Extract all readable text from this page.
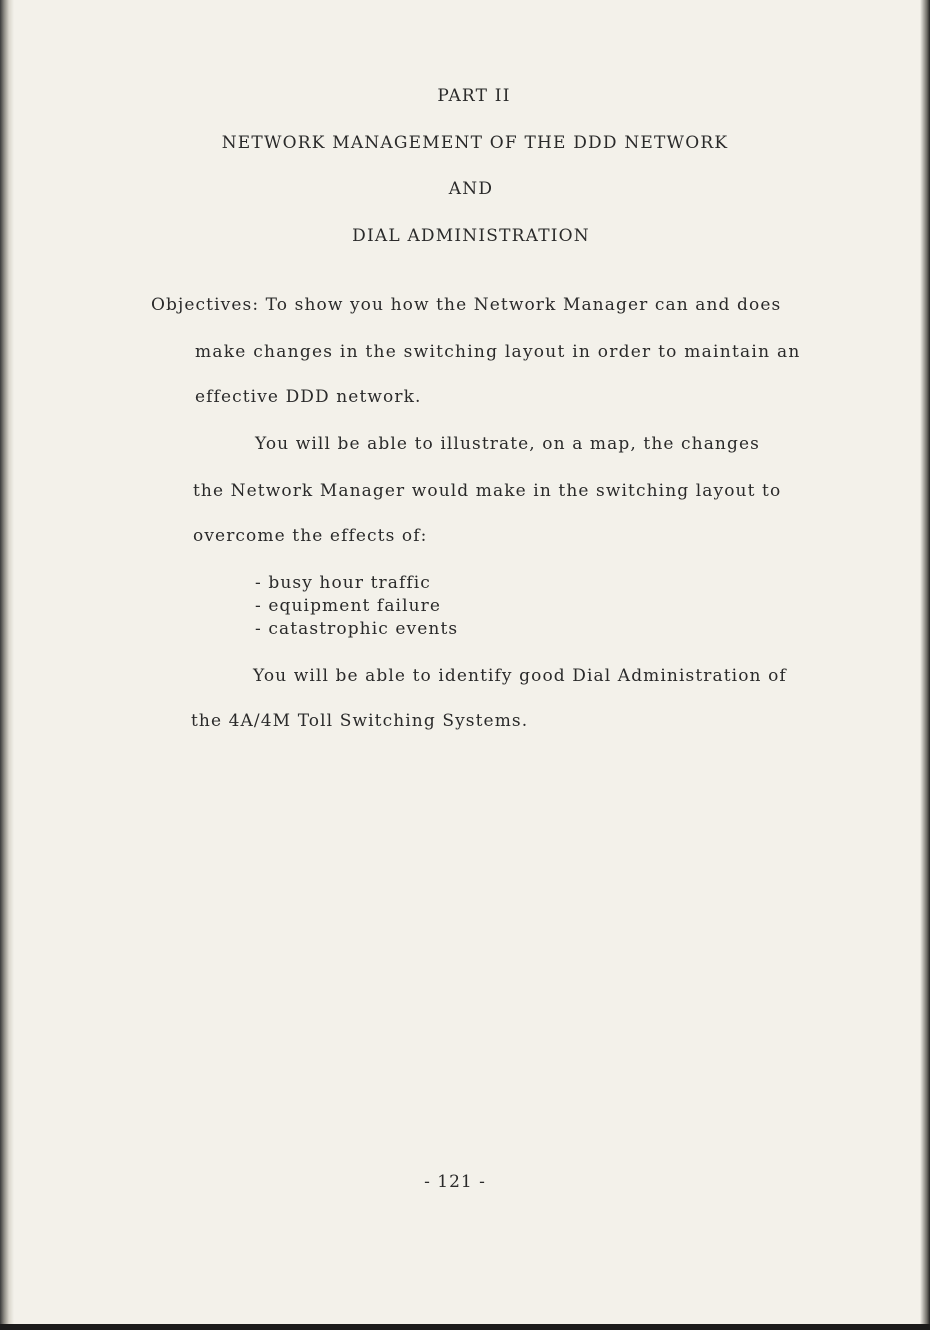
PART II
NETWORK MANAGEMENT OF THE DDD NETWORK
AND
DIAL ADMINISTRATION
Objectives: To show you how the Network Manager can and does
make changes in the switching layout in order to maintain an
effective DDD network.
You will be able to illustrate, on a map, the changes
the Network Manager would make in the switching layout to
overcome the effects of:
- busy hour traffic
- equipment failure
- catastrophic events
You will be able to identify good Dial Administration of
the 4A/4M Toll Switching Systems.
- 121 -
